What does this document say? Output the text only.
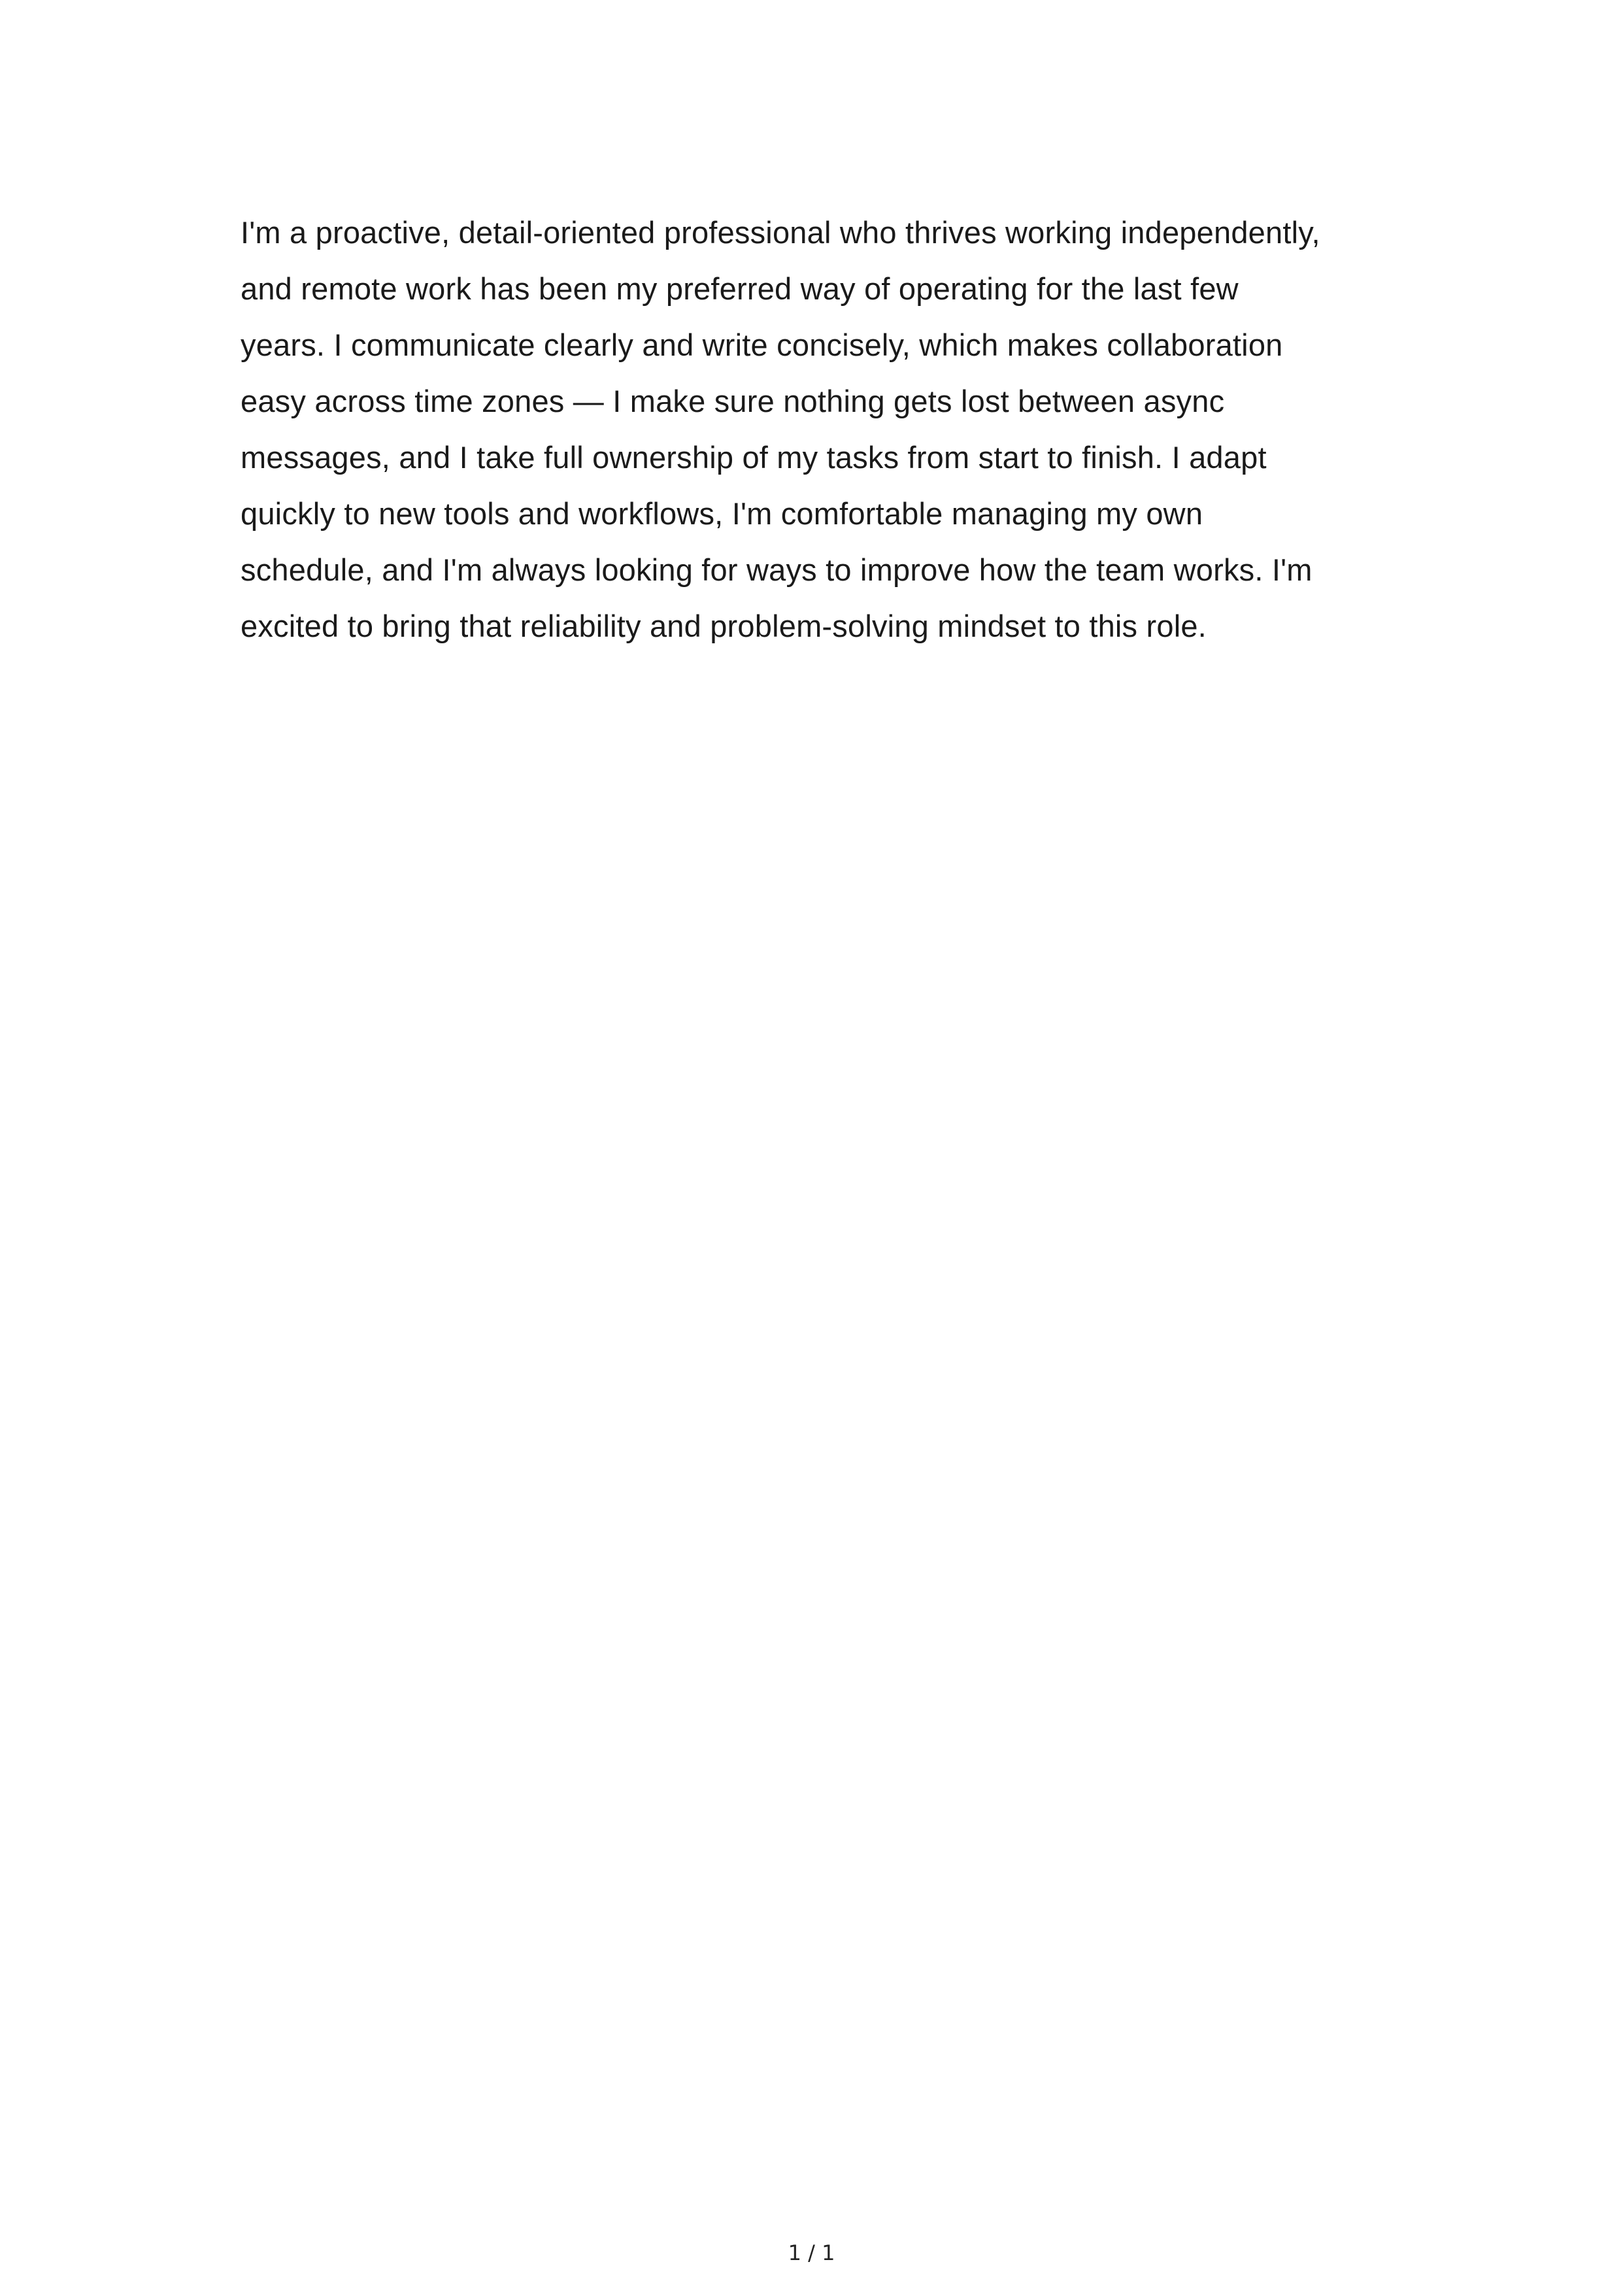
I'm a proactive, detail-oriented professional who thrives working independently,
and remote work has been my preferred way of operating for the last few
years. I communicate clearly and write concisely, which makes collaboration
easy across time zones — I make sure nothing gets lost between async
messages, and I take full ownership of my tasks from start to finish. I adapt
quickly to new tools and workflows, I'm comfortable managing my own
schedule, and I'm always looking for ways to improve how the team works. I'm
excited to bring that reliability and problem-solving mindset to this role.

1 / 1
